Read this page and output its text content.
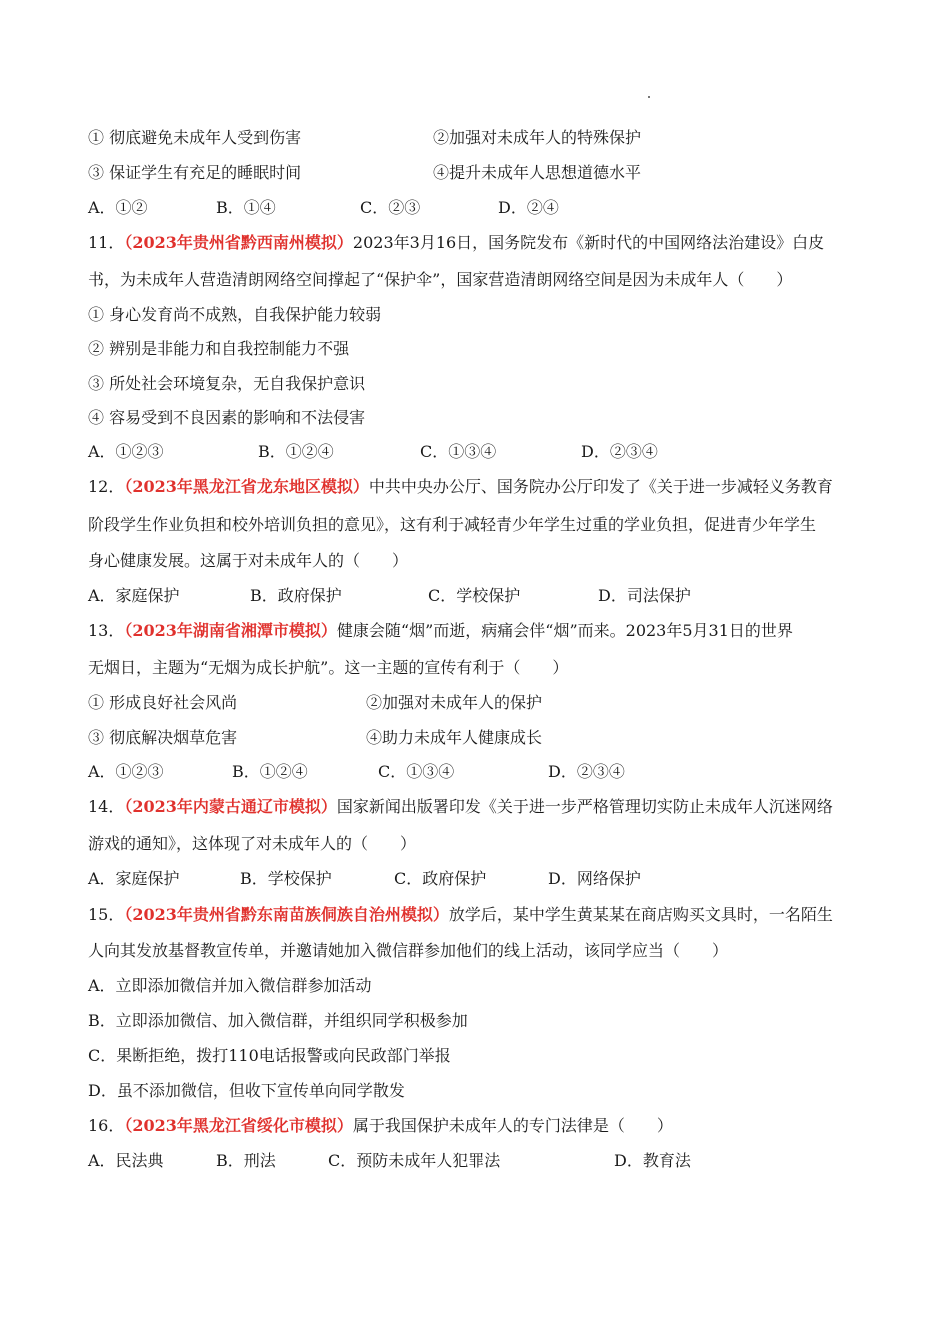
① 彻底避免未成年人受到伤害	②加强对未成年人的特殊保护
③ 保证学生有充足的睡眠时间	④提升未成年人思想道德水平
A．①②	B．①④	C．②③	D．②④
11．（2023年贵州省黔西南州模拟）2023年3月16日，国务院发布《新时代的中国网络法治建设》白皮
书，为未成年人营造清朗网络空间撑起了“保护伞”，国家营造清朗网络空间是因为未成年人（　　）
① 身心发育尚不成熟，自我保护能力较弱
② 辨别是非能力和自我控制能力不强
③ 所处社会环境复杂，无自我保护意识
④ 容易受到不良因素的影响和不法侵害
A．①②③	B．①②④	C．①③④	D．②③④
12．（2023年黑龙江省龙东地区模拟）中共中央办公厅、国务院办公厅印发了《关于进一步减轻义务教育
阶段学生作业负担和校外培训负担的意见》，这有利于减轻青少年学生过重的学业负担，促进青少年学生
身心健康发展。这属于对未成年人的（　　）
A．家庭保护	B．政府保护	C．学校保护	D．司法保护
13．（2023年湖南省湘潭市模拟）健康会随“烟”而逝，病痛会伴“烟”而来。2023年5月31日的世界
无烟日，主题为“无烟为成长护航”。这一主题的宣传有利于（　　）
① 形成良好社会风尚	②加强对未成年人的保护
③ 彻底解决烟草危害	④助力未成年人健康成长
A．①②③	B．①②④	C．①③④	D．②③④
14．（2023年内蒙古通辽市模拟）国家新闻出版署印发《关于进一步严格管理切实防止未成年人沉迷网络
游戏的通知》，这体现了对未成年人的（　　）
A．家庭保护	B．学校保护	C．政府保护	D．网络保护
15．（2023年贵州省黔东南苗族侗族自治州模拟）放学后，某中学生黄某某在商店购买文具时，一名陌生
人向其发放基督教宣传单，并邀请她加入微信群参加他们的线上活动，该同学应当（　　）
A．立即添加微信并加入微信群参加活动
B．立即添加微信、加入微信群，并组织同学积极参加
C．果断拒绝，拨打110电话报警或向民政部门举报
D．虽不添加微信，但收下宣传单向同学散发
16．（2023年黑龙江省绥化市模拟）属于我国保护未成年人的专门法律是（　　）
A．民法典	B．刑法	C．预防未成年人犯罪法	D．教育法
